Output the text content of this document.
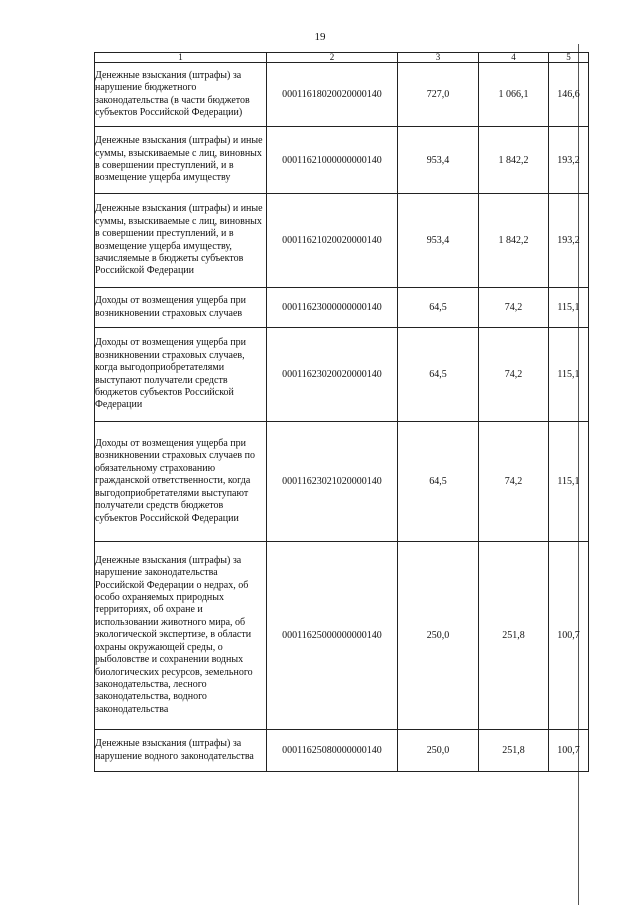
19
1	2	3	4	5
Денежные взыскания (штрафы) за нарушение бюджетного законодательства (в части бюджетов субъектов Российской Федерации)	00011618020020000140	727,0	1 066,1	146,6
Денежные взыскания (штрафы) и иные суммы, взыскиваемые с лиц, виновных в совершении преступлений, и в возмещение ущерба имуществу	00011621000000000140	953,4	1 842,2	193,2
Денежные взыскания (штрафы) и иные суммы, взыскиваемые с лиц, виновных в совершении преступлений, и в возмещение ущерба имуществу, зачисляемые в бюджеты субъектов Российской Федерации	00011621020020000140	953,4	1 842,2	193,2
Доходы от возмещения ущерба при возникновении страховых случаев	00011623000000000140	64,5	74,2	115,1
Доходы от возмещения ущерба при возникновении страховых случаев, когда выгодоприобретателями выступают получатели средств бюджетов субъектов Российской Федерации	00011623020020000140	64,5	74,2	115,1
Доходы от возмещения ущерба при возникновении страховых случаев по обязательному страхованию гражданской ответственности, когда выгодоприобретателями выступают получатели средств бюджетов субъектов Российской Федерации	00011623021020000140	64,5	74,2	115,1
Денежные взыскания (штрафы) за нарушение законодательства Российской Федерации о недрах, об особо охраняемых природных территориях, об охране и использовании животного мира, об экологической экспертизе, в области охраны окружающей среды, о рыболовстве и сохранении водных биологических ресурсов, земельного законодательства, лесного законодательства, водного законодательства	00011625000000000140	250,0	251,8	100,7
Денежные взыскания (штрафы) за нарушение водного законодательства	00011625080000000140	250,0	251,8	100,7
